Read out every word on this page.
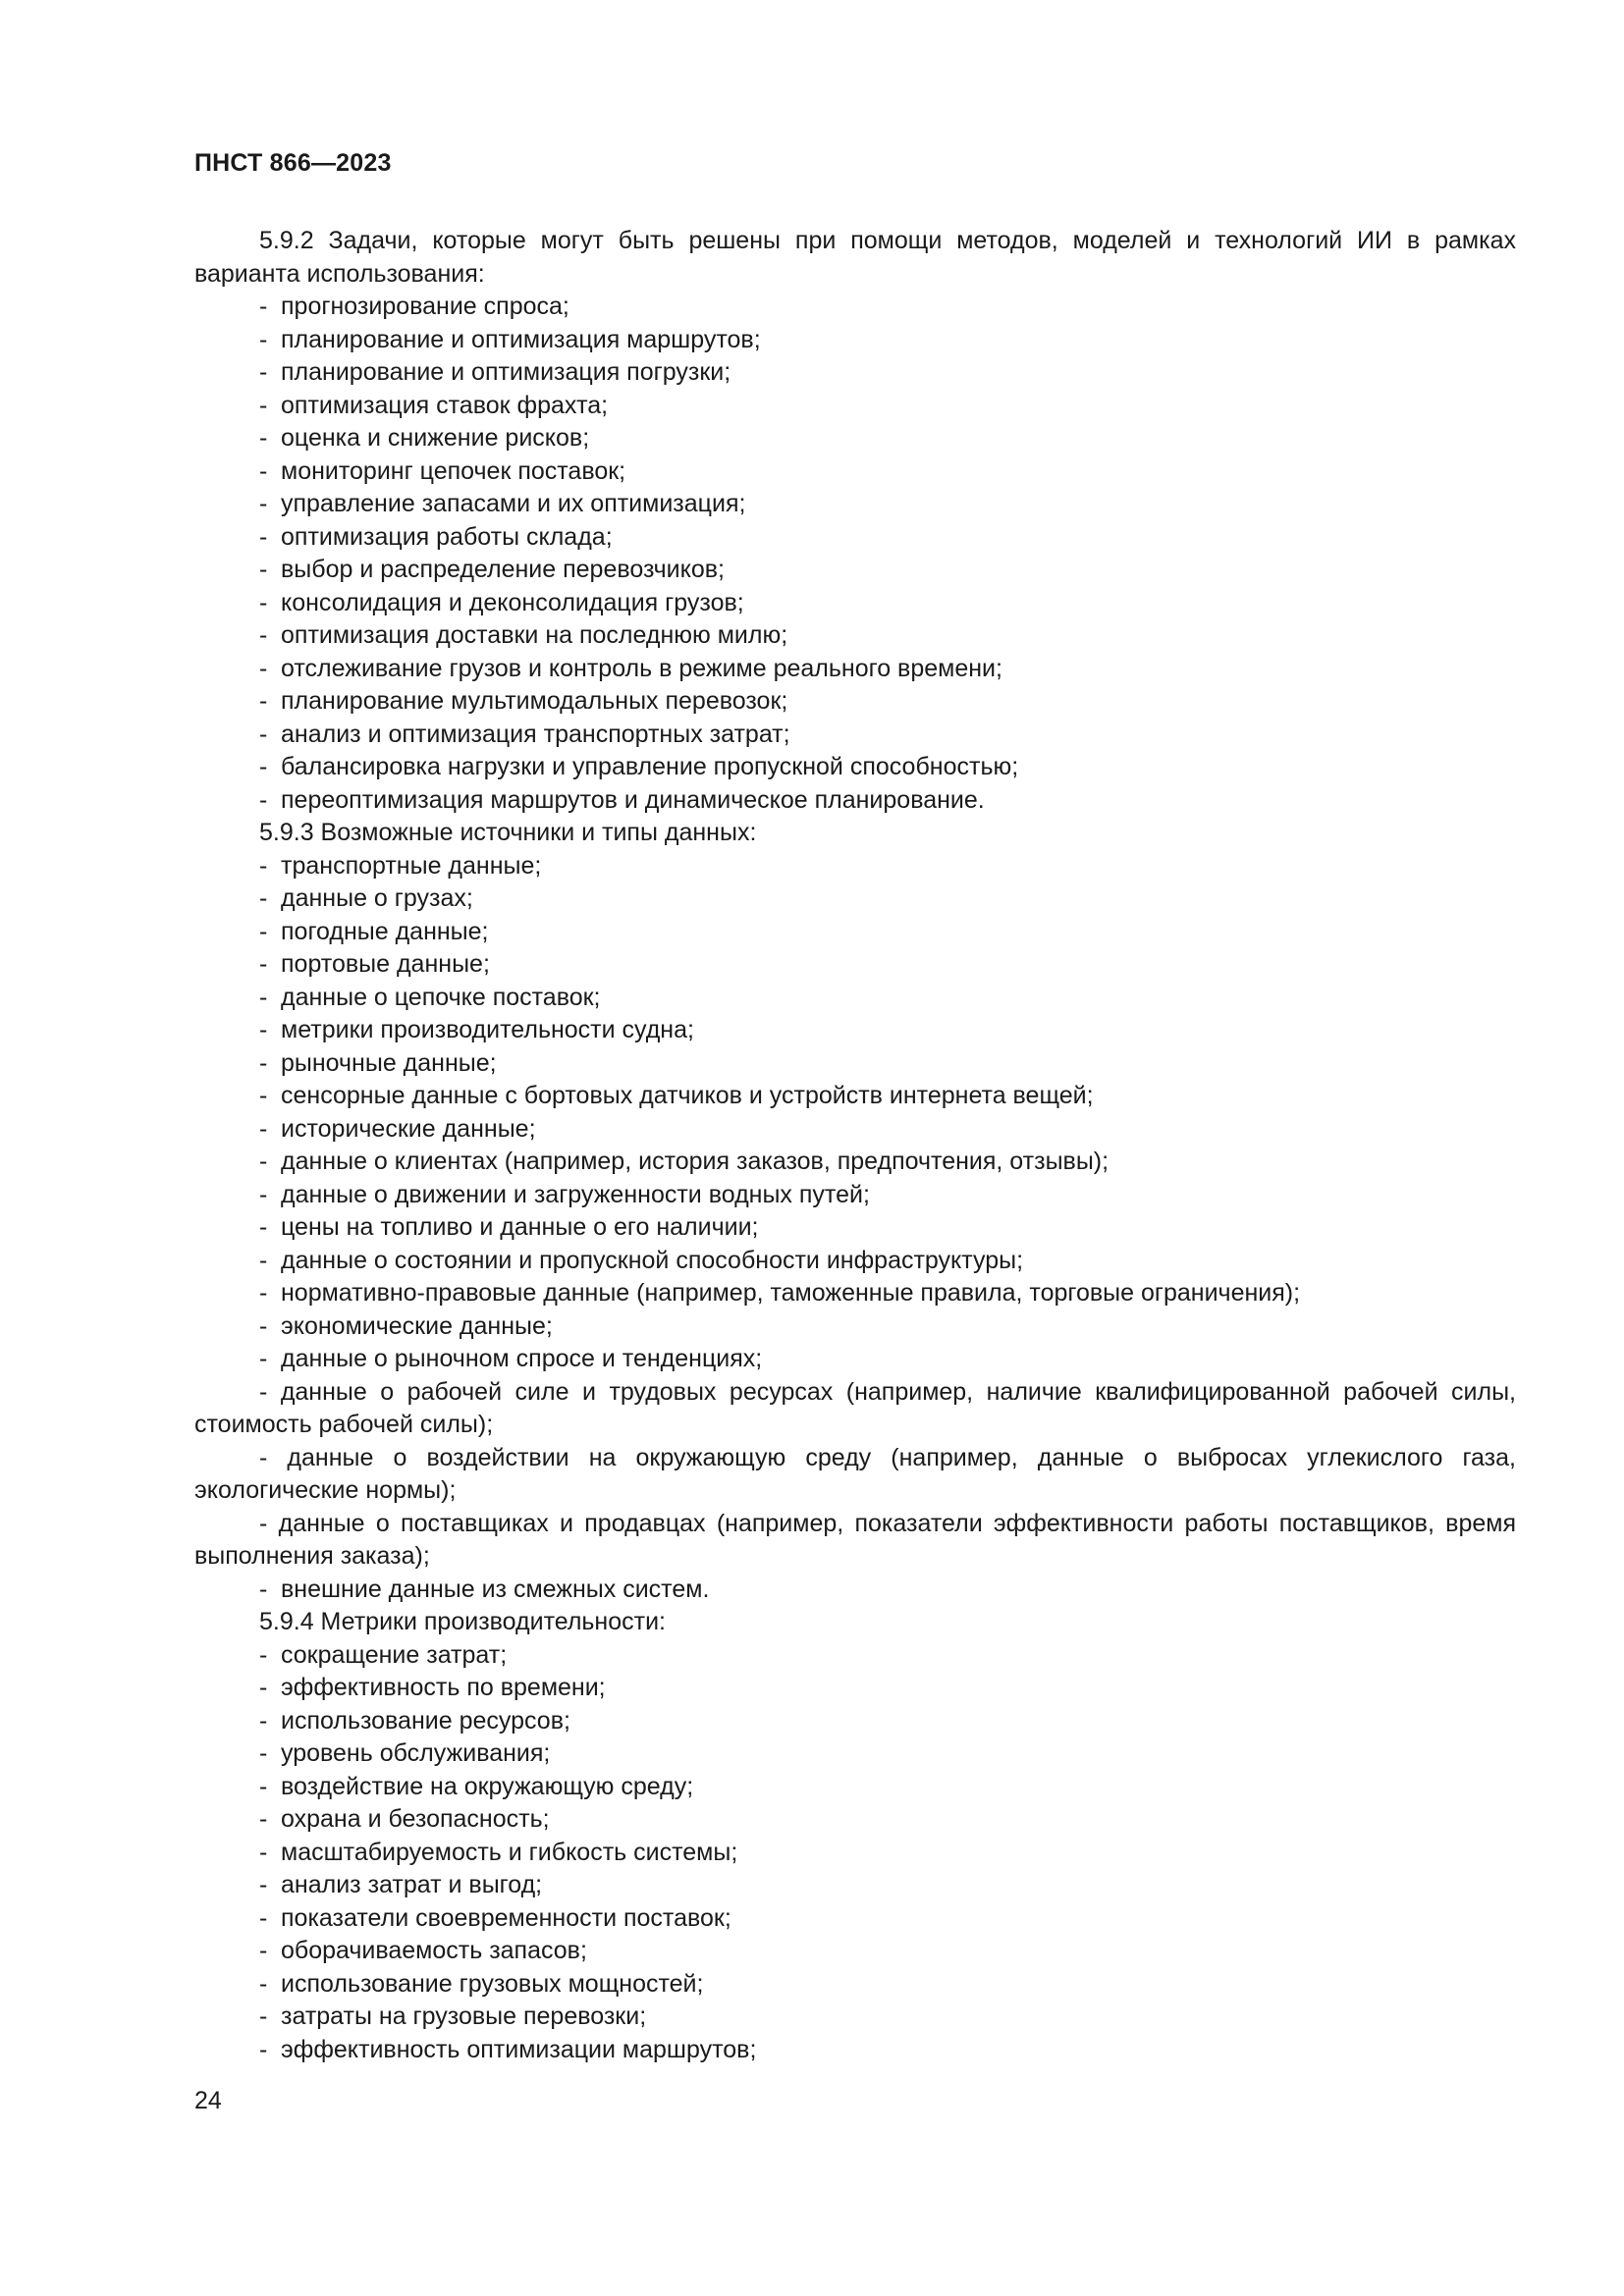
ПНСТ 866—2023

5.9.2 Задачи, которые могут быть решены при помощи методов, моделей и технологий ИИ в рамках варианта использования:

- прогнозирование спроса;
- планирование и оптимизация маршрутов;
- планирование и оптимизация погрузки;
- оптимизация ставок фрахта;
- оценка и снижение рисков;
- мониторинг цепочек поставок;
- управление запасами и их оптимизация;
- оптимизация работы склада;
- выбор и распределение перевозчиков;
- консолидация и деконсолидация грузов;
- оптимизация доставки на последнюю милю;
- отслеживание грузов и контроль в режиме реального времени;
- планирование мультимодальных перевозок;
- анализ и оптимизация транспортных затрат;
- балансировка нагрузки и управление пропускной способностью;
- переоптимизация маршрутов и динамическое планирование.

5.9.3 Возможные источники и типы данных:

- транспортные данные;
- данные о грузах;
- погодные данные;
- портовые данные;
- данные о цепочке поставок;
- метрики производительности судна;
- рыночные данные;
- сенсорные данные с бортовых датчиков и устройств интернета вещей;
- исторические данные;
- данные о клиентах (например, история заказов, предпочтения, отзывы);
- данные о движении и загруженности водных путей;
- цены на топливо и данные о его наличии;
- данные о состоянии и пропускной способности инфраструктуры;
- нормативно-правовые данные (например, таможенные правила, торговые ограничения);
- экономические данные;
- данные о рыночном спросе и тенденциях;
- данные о рабочей силе и трудовых ресурсах (например, наличие квалифицированной рабочей силы, стоимость рабочей силы);
- данные о воздействии на окружающую среду (например, данные о выбросах углекислого газа, экологические нормы);
- данные о поставщиках и продавцах (например, показатели эффективности работы поставщиков, время выполнения заказа);
- внешние данные из смежных систем.

5.9.4 Метрики производительности:

- сокращение затрат;
- эффективность по времени;
- использование ресурсов;
- уровень обслуживания;
- воздействие на окружающую среду;
- охрана и безопасность;
- масштабируемость и гибкость системы;
- анализ затрат и выгод;
- показатели своевременности поставок;
- оборачиваемость запасов;
- использование грузовых мощностей;
- затраты на грузовые перевозки;
- эффективность оптимизации маршрутов;
24
